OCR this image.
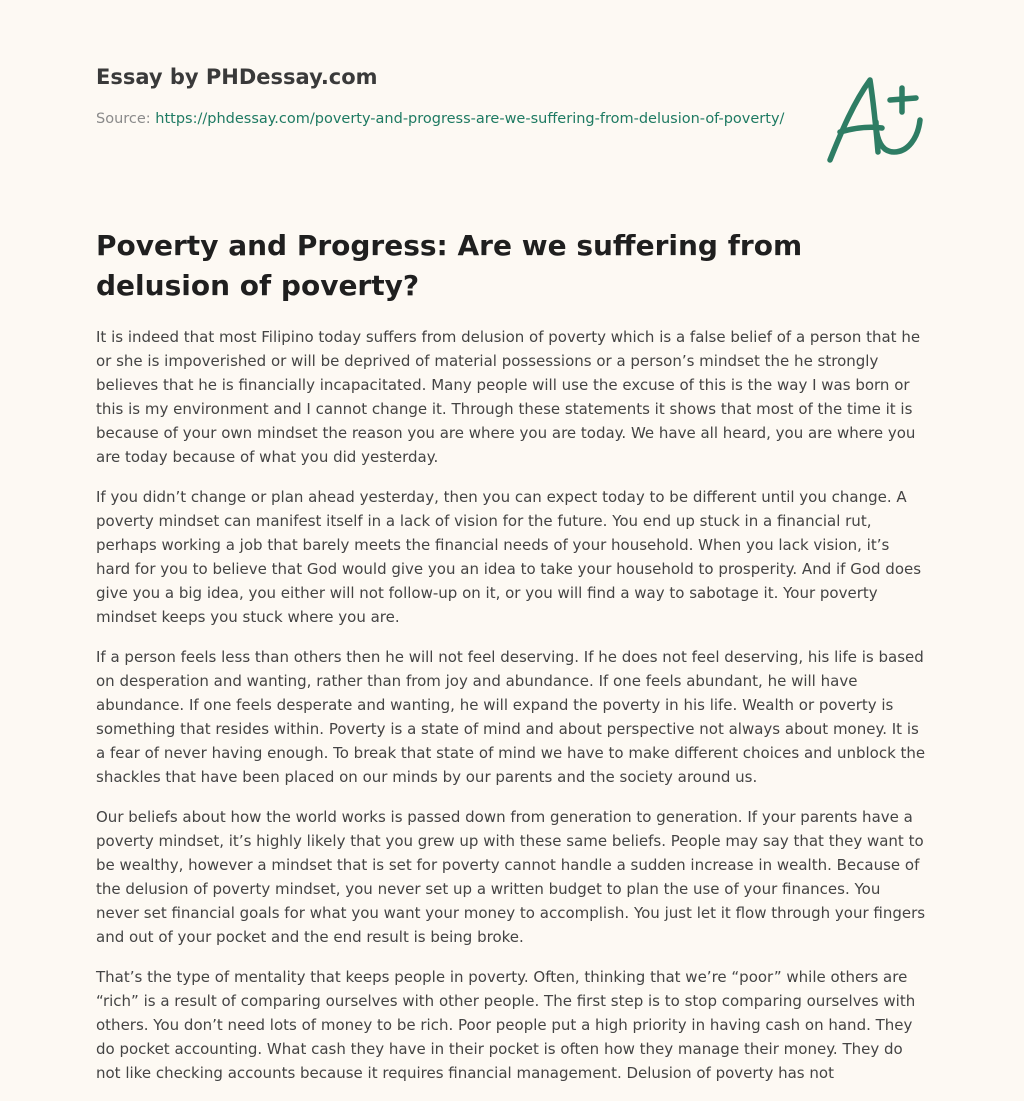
Essay by PHDessay.com
Source: https://phdessay.com/poverty-and-progress-are-we-suffering-from-delusion-of-poverty/
Poverty and Progress: Are we suffering from delusion of poverty?

It is indeed that most Filipino today suffers from delusion of poverty which is a false belief of a person that he or she is impoverished or will be deprived of material possessions or a person’s mindset the he strongly believes that he is financially incapacitated. Many people will use the excuse of this is the way I was born or this is my environment and I cannot change it. Through these statements it shows that most of the time it is because of your own mindset the reason you are where you are today. We have all heard, you are where you are today because of what you did yesterday.

If you didn’t change or plan ahead yesterday, then you can expect today to be different until you change. A poverty mindset can manifest itself in a lack of vision for the future. You end up stuck in a financial rut, perhaps working a job that barely meets the financial needs of your household. When you lack vision, it’s hard for you to believe that God would give you an idea to take your household to prosperity. And if God does give you a big idea, you either will not follow-up on it, or you will find a way to sabotage it. Your poverty mindset keeps you stuck where you are.

If a person feels less than others then he will not feel deserving. If he does not feel deserving, his life is based on desperation and wanting, rather than from joy and abundance. If one feels abundant, he will have abundance. If one feels desperate and wanting, he will expand the poverty in his life. Wealth or poverty is something that resides within. Poverty is a state of mind and about perspective not always about money. It is a fear of never having enough. To break that state of mind we have to make different choices and unblock the shackles that have been placed on our minds by our parents and the society around us.

Our beliefs about how the world works is passed down from generation to generation. If your parents have a poverty mindset, it’s highly likely that you grew up with these same beliefs. People may say that they want to be wealthy, however a mindset that is set for poverty cannot handle a sudden increase in wealth. Because of the delusion of poverty mindset, you never set up a written budget to plan the use of your finances. You never set financial goals for what you want your money to accomplish. You just let it flow through your fingers and out of your pocket and the end result is being broke.

That’s the type of mentality that keeps people in poverty. Often, thinking that we’re “poor” while others are “rich” is a result of comparing ourselves with other people. The first step is to stop comparing ourselves with others. You don’t need lots of money to be rich. Poor people put a high priority in having cash on hand. They do pocket accounting. What cash they have in their pocket is often how they manage their money. They do not like checking accounts because it requires financial management. Delusion of poverty has not
